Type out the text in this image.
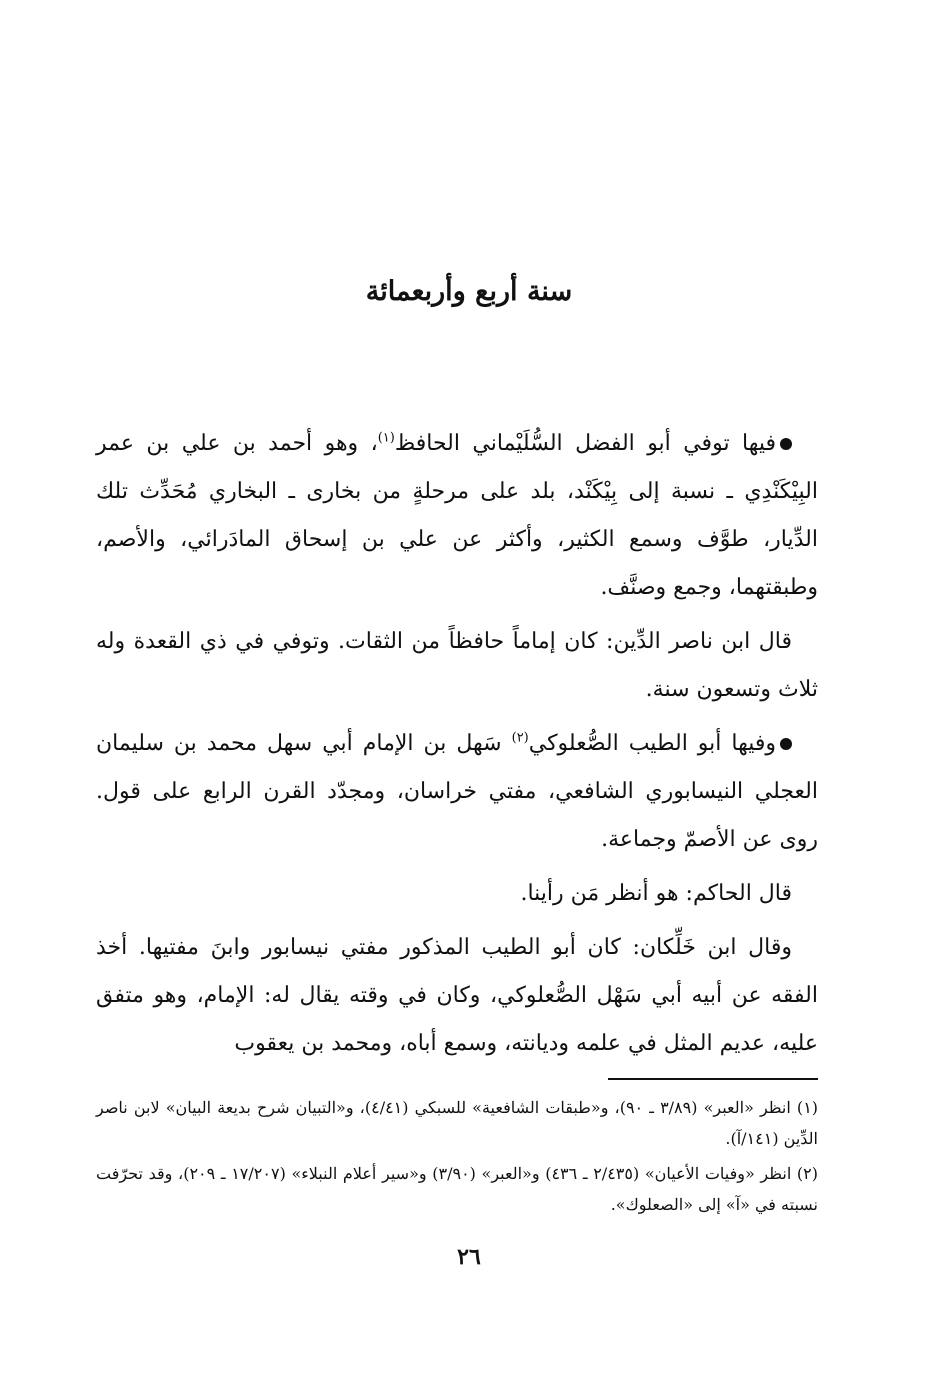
سنة أربع وأربعمائة

فيها توفي أبو الفضل السُّلَيْماني الحافظ$^{(١)}$، وهو أحمد بن علي بن عمر البِيْكَنْدِي ـ نسبة إلى بِيْكَنْد، بلد على مرحلةٍ من بخارى ـ البخاري مُحَدِّث تلك الدِّيار، طوَّف وسمع الكثير، وأكثر عن علي بن إسحاق المادَرائي، والأصم، وطبقتهما، وجمع وصنَّف.

قال ابن ناصر الدِّين: كان إماماً حافظاً من الثقات. وتوفي في ذي القعدة وله ثلاث وتسعون سنة.

وفيها أبو الطيب الصُّعلوكي$^{(٢)}$ سَهل بن الإمام أبي سهل محمد بن سليمان العجلي النيسابوري الشافعي، مفتي خراسان، ومجدّد القرن الرابع على قول. روى عن الأصمّ وجماعة.

قال الحاكم: هو أنظر مَن رأينا.

وقال ابن خَلِّكان: كان أبو الطيب المذكور مفتي نيسابور وابنَ مفتيها. أخذ الفقه عن أبيه أبي سَهْل الصُّعلوكي، وكان في وقته يقال له: الإمام، وهو متفق عليه، عديم المثل في علمه وديانته، وسمع أباه، ومحمد بن يعقوب

(١) انظر «العبر» (٣/٨٩ ـ ٩٠)، و«طبقات الشافعية» للسبكي (٤/٤١)، و«التبيان شرح بديعة البيان» لابن ناصر الدِّين (١٤١/آ).

(٢) انظر «وفيات الأعيان» (٢/٤٣٥ ـ ٤٣٦) و«العبر» (٣/٩٠) و«سير أعلام النبلاء» (١٧/٢٠٧ ـ ٢٠٩)، وقد تحرّفت نسبته في «آ» إلى «الصعلوك».

٢٦
